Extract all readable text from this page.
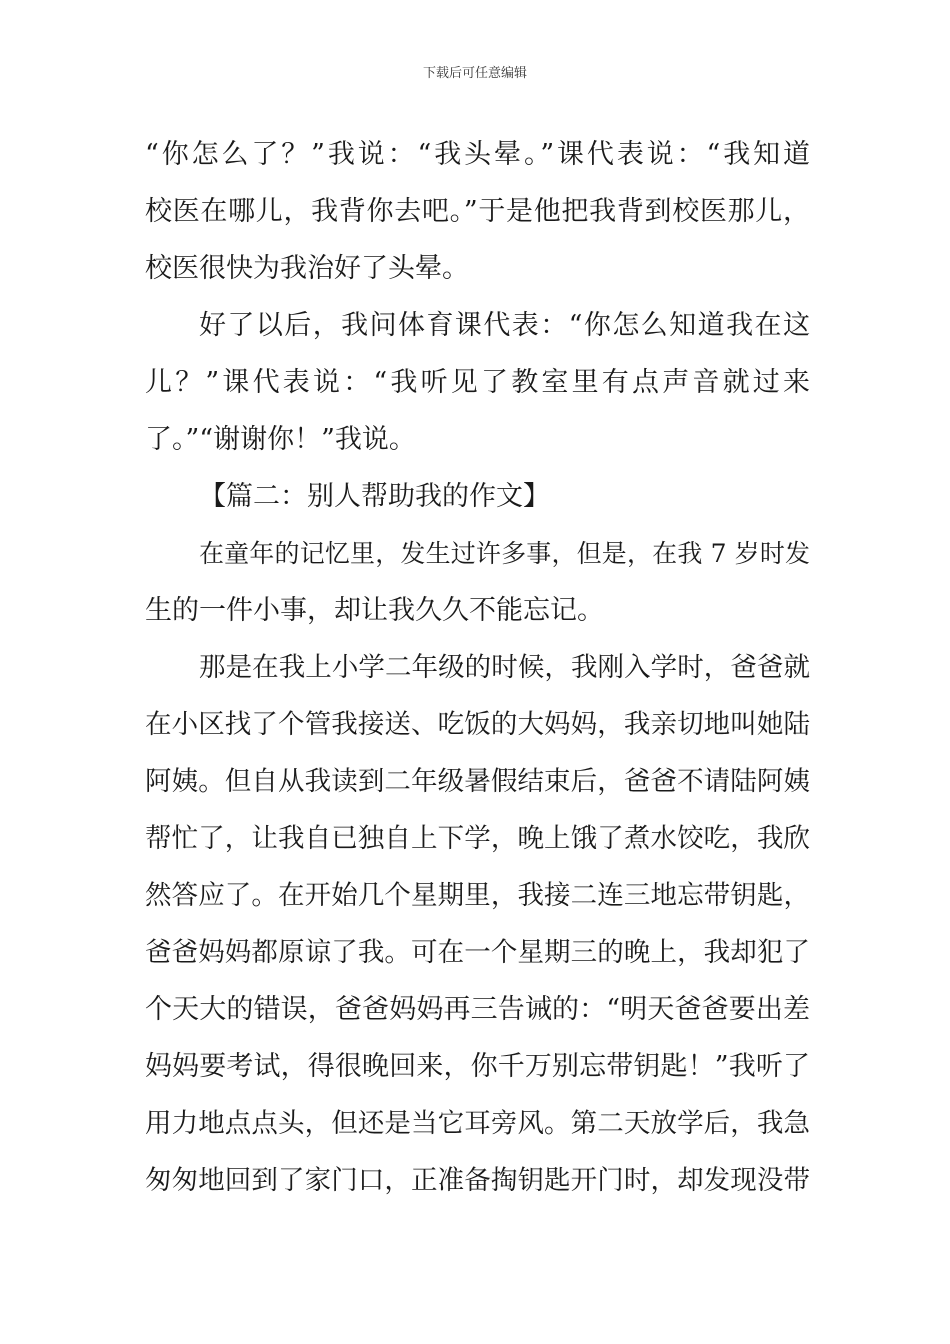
下载后可任意编辑
“你怎么了？”我说：“我头晕。”课代表说：“我知道
校医在哪儿，我背你去吧。”于是他把我背到校医那儿，
校医很快为我治好了头晕。
好了以后，我问体育课代表：“你怎么知道我在这
儿？”课代表说：“我听见了教室里有点声音就过来
了。”“谢谢你！”我说。
【篇二：别人帮助我的作文】
在童年的记忆里，发生过许多事，但是，在我 7 岁时发
生的一件小事，却让我久久不能忘记。
那是在我上小学二年级的时候，我刚入学时，爸爸就
在小区找了个管我接送、吃饭的大妈妈，我亲切地叫她陆
阿姨。但自从我读到二年级暑假结束后，爸爸不请陆阿姨
帮忙了，让我自已独自上下学，晚上饿了煮水饺吃，我欣
然答应了。在开始几个星期里，我接二连三地忘带钥匙，
爸爸妈妈都原谅了我。可在一个星期三的晚上，我却犯了
个天大的错误，爸爸妈妈再三告诫的：“明天爸爸要出差
妈妈要考试，得很晚回来，你千万别忘带钥匙！”我听了
用力地点点头，但还是当它耳旁风。第二天放学后，我急
匆匆地回到了家门口，正准备掏钥匙开门时，却发现没带
